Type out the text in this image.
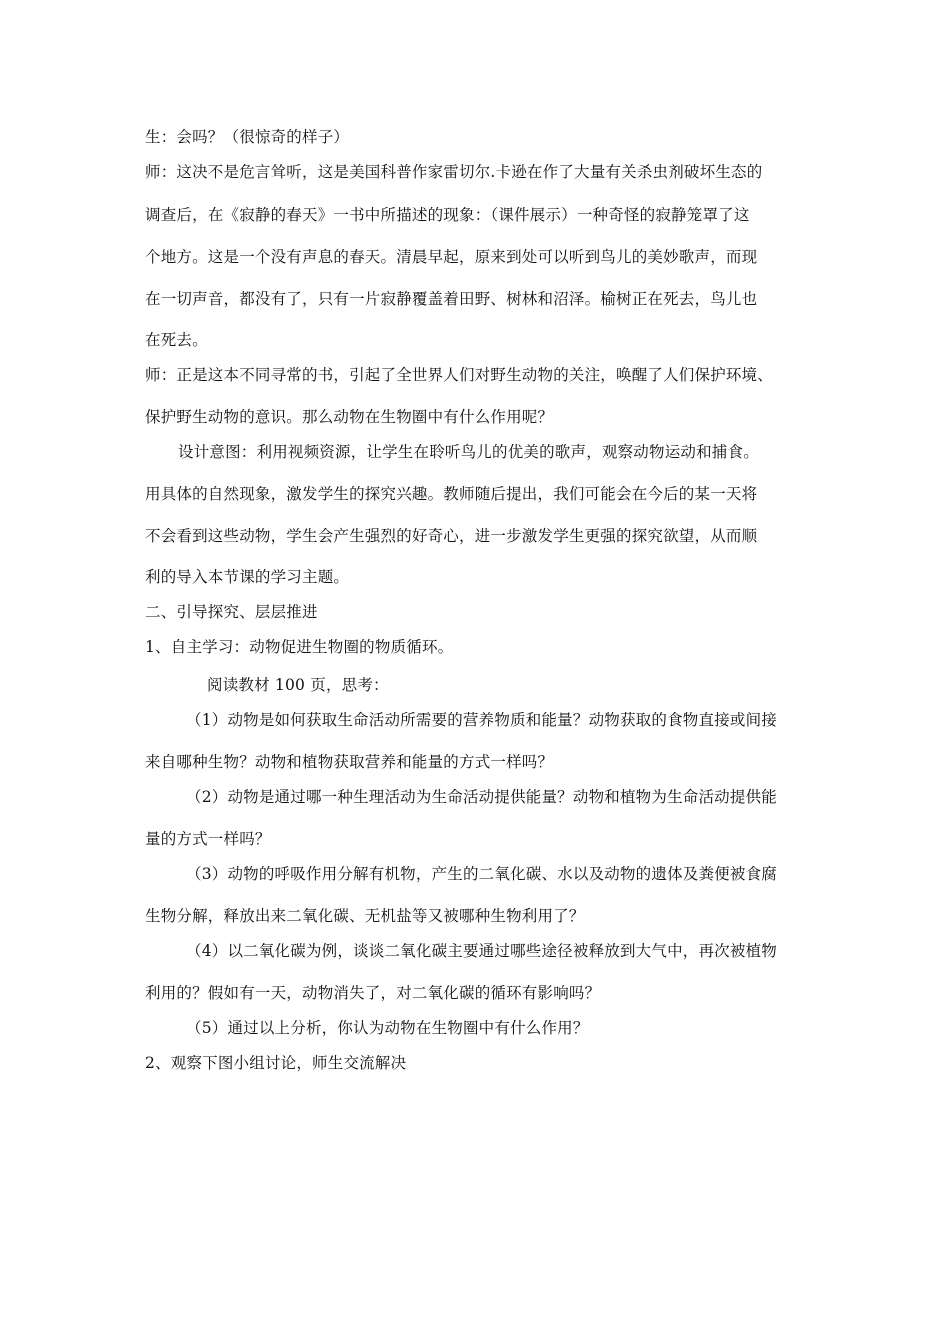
生：会吗？（很惊奇的样子）
师：这决不是危言耸听，这是美国科普作家雷切尔.卡逊在作了大量有关杀虫剂破坏生态的
调查后，在《寂静的春天》一书中所描述的现象：（课件展示）一种奇怪的寂静笼罩了这
个地方。这是一个没有声息的春天。清晨早起，原来到处可以听到鸟儿的美妙歌声，而现
在一切声音，都没有了，只有一片寂静覆盖着田野、树林和沼泽。榆树正在死去，鸟儿也
在死去。
师：正是这本不同寻常的书，引起了全世界人们对野生动物的关注，唤醒了人们保护环境、
保护野生动物的意识。那么动物在生物圈中有什么作用呢？
设计意图：利用视频资源，让学生在聆听鸟儿的优美的歌声，观察动物运动和捕食。
用具体的自然现象，激发学生的探究兴趣。教师随后提出，我们可能会在今后的某一天将
不会看到这些动物，学生会产生强烈的好奇心，进一步激发学生更强的探究欲望，从而顺
利的导入本节课的学习主题。
二、引导探究、层层推进
1、自主学习：动物促进生物圈的物质循环。
阅读教材 100 页，思考：
（1）动物是如何获取生命活动所需要的营养物质和能量？动物获取的食物直接或间接
来自哪种生物？动物和植物获取营养和能量的方式一样吗？
（2）动物是通过哪一种生理活动为生命活动提供能量？动物和植物为生命活动提供能
量的方式一样吗？
（3）动物的呼吸作用分解有机物，产生的二氧化碳、水以及动物的遗体及粪便被食腐
生物分解，释放出来二氧化碳、无机盐等又被哪种生物利用了？
（4）以二氧化碳为例，谈谈二氧化碳主要通过哪些途径被释放到大气中，再次被植物
利用的？假如有一天，动物消失了，对二氧化碳的循环有影响吗？
（5）通过以上分析，你认为动物在生物圈中有什么作用？
2、观察下图小组讨论，师生交流解决
